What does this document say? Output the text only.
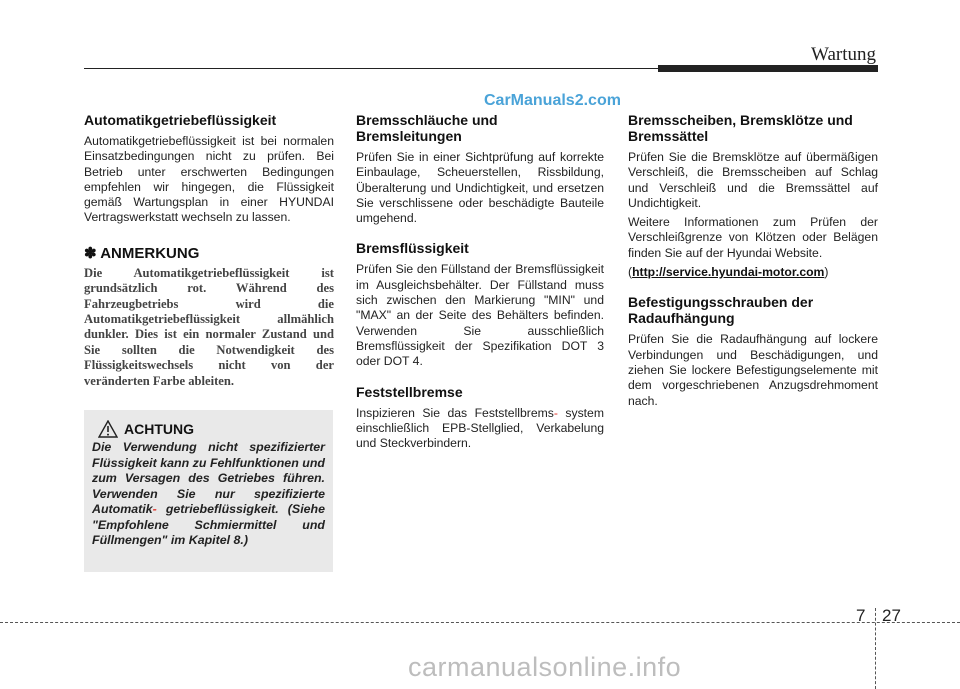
Wartung
CarManuals2.com
Automatikgetriebeflüssigkeit

Automatikgetriebeflüssigkeit ist bei normalen Einsatzbedingungen nicht zu prüfen. Bei Betrieb unter erschwerten Bedingungen empfehlen wir hingegen, die Flüssigkeit gemäß Wartungsplan in einer HYUNDAI Vertragswerkstatt wechseln zu lassen.

✽ ANMERKUNG

Die Automatikgetriebeflüssigkeit ist grundsätzlich rot. Während des Fahrzeugbetriebs wird die Automatikgetriebeflüssigkeit allmählich dunkler. Dies ist ein normaler Zustand und Sie sollten die Notwendigkeit des Flüssigkeitswechsels nicht von der veränderten Farbe ableiten.

ACHTUNG

Die Verwendung nicht spezifizierter Flüssigkeit kann zu Fehlfunktionen und zum Versagen des Getriebes führen. Verwenden Sie nur spezifizierte Automatik- getriebeflüssigkeit. (Siehe "Empfohlene Schmiermittel und Füllmengen" im Kapitel 8.)

Bremsschläuche und Bremsleitungen

Prüfen Sie in einer Sichtprüfung auf korrekte Einbaulage, Scheuerstellen, Rissbildung, Überalterung und Undichtigkeit, und ersetzen Sie verschlissene oder beschädigte Bauteile umgehend.

Bremsflüssigkeit

Prüfen Sie den Füllstand der Bremsflüssigkeit im Ausgleichsbehälter. Der Füllstand muss sich zwischen den Markierung "MIN" und "MAX" an der Seite des Behälters befinden. Verwenden Sie ausschließlich Bremsflüssigkeit der Spezifikation DOT 3 oder DOT 4.

Feststellbremse

Inspizieren Sie das Feststellbrems- system einschließlich EPB-Stellglied, Verkabelung und Steckverbindern.

Bremsscheiben, Bremsklötze und Bremssättel

Prüfen Sie die Bremsklötze auf übermäßigen Verschleiß, die Bremsscheiben auf Schlag und Verschleiß und die Bremssättel auf Undichtigkeit.

Weitere Informationen zum Prüfen der Verschleißgrenze von Klötzen oder Belägen finden Sie auf der Hyundai Website.

(http://service.hyundai-motor.com)

Befestigungsschrauben der Radaufhängung

Prüfen Sie die Radaufhängung auf lockere Verbindungen und Beschädigungen, und ziehen Sie lockere Befestigungselemente mit dem vorgeschriebenen Anzugsdrehmoment nach.

7 27
carmanualsonline.info
